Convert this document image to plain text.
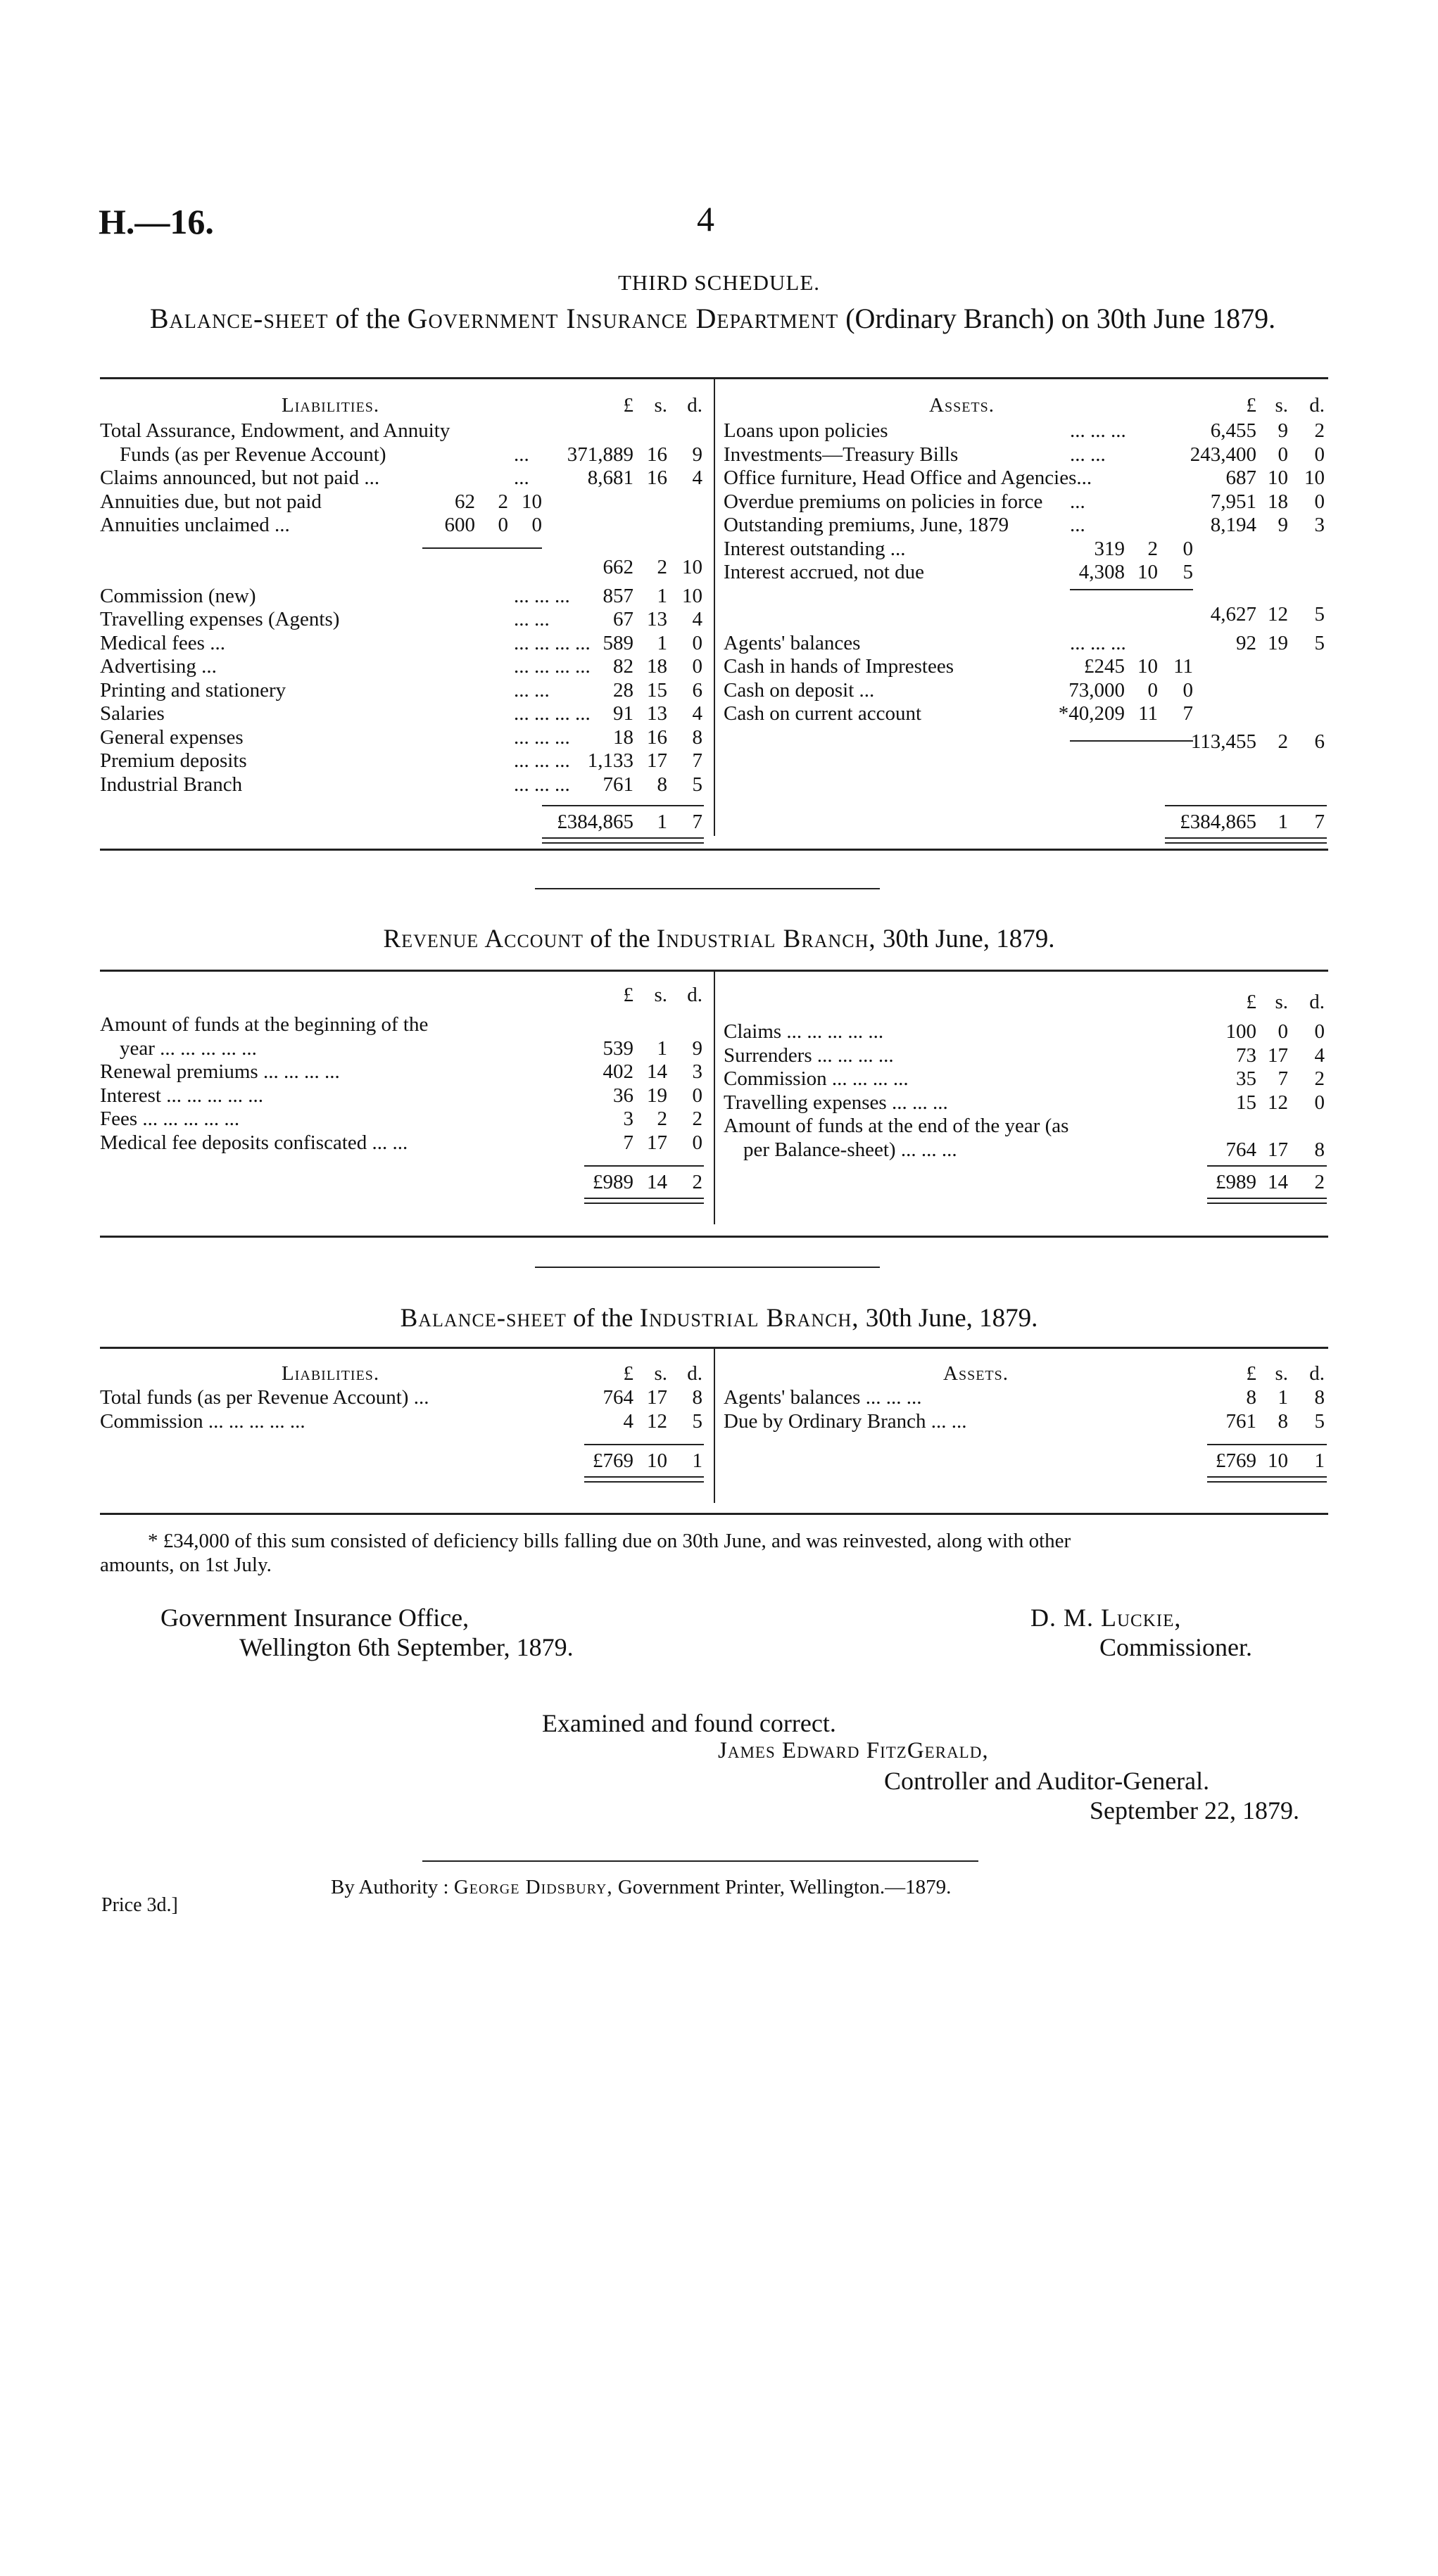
H.—16.	4
THIRD SCHEDULE.
Balance-sheet of the Government Insurance Department (Ordinary Branch) on 30th June 1879.
Liabilities.	Assets.
£ s. d.	£ s. d.
Total Assurance, Endowment, and Annuity
Funds (as per Revenue Account)	... 371,889 16 9
Claims announced, but not paid ...	...	8,681 16 4
Annuities due, but not paid	62 2 10
Annuities unclaimed ...	600 0 0
662 2 10
Commission (new)	... ... ... 857 1 10
Travelling expenses (Agents)	... ...	67 13 4
Medical fees ...	... ... ... ... 589 1 0
Advertising ...	... ... ... ... 82 18 0
Printing and stationery	... ...	28 15 6
Salaries	... ... ... ... 91 13 4
General expenses	... ... ... 18 16 8
Premium deposits	... ... ... 1,133 17 7
Industrial Branch	... ... ... 761 8 5
£384,865 1 7
Loans upon policies	... ... ...	6,455 9 2
Investments—Treasury Bills	... ...	243,400 0 0
Office furniture, Head Office and Agencies...	687 10 10
Overdue premiums on policies in force ...	7,951 18 0
Outstanding premiums, June, 1879	...	8,194 9 3
Interest outstanding ...	319 2 0
Interest accrued, not due	4,308 10 5
4,627 12 5
Agents' balances	... ... ...	92 19 5
Cash in hands of Imprestees	£245 10 11
Cash on deposit ...	73,000 0 0
Cash on current account	*40,209 11 7
113,455 2 6
£384,865 1 7
Revenue Account of the Industrial Branch, 30th June, 1879.
£ s. d.	£ s. d.
Amount of funds at the beginning of the
year ... ... ... ... ...	539 1 9
Renewal premiums ... ... ... ...	402 14 3
Interest ... ... ... ... ...	36 19 0
Fees ... ... ... ... ...	3 2 2
Medical fee deposits confiscated ... ...	7 17 0
£989 14 2
Claims ... ... ... ... ...	100 0 0
Surrenders ... ... ... ...	73 17 4
Commission ... ... ... ...	35 7 2
Travelling expenses ... ... ...	15 12 0
Amount of funds at the end of the year (as
per Balance-sheet) ... ... ...	764 17 8
£989 14 2
Balance-sheet of the Industrial Branch, 30th June, 1879.
Liabilities.	Assets.
£ s. d.	£ s. d.
Total funds (as per Revenue Account) ...	764 17 8
Commission ... ... ... ... ...	4 12 5
£769 10 1
Agents' balances ... ... ...	8 1 8
Due by Ordinary Branch ... ...	761 8 5
£769 10 1
* £34,000 of this sum consisted of deficiency bills falling due on 30th June, and was reinvested, along with other
amounts, on 1st July.
Government Insurance Office,
Wellington 6th September, 1879.
D. M. Luckie,
Commissioner.
Examined and found correct.
James Edward FitzGerald,
Controller and Auditor-General.
September 22, 1879.
By Authority : George Didsbury, Government Printer, Wellington.—1879.
Price 3d.]
